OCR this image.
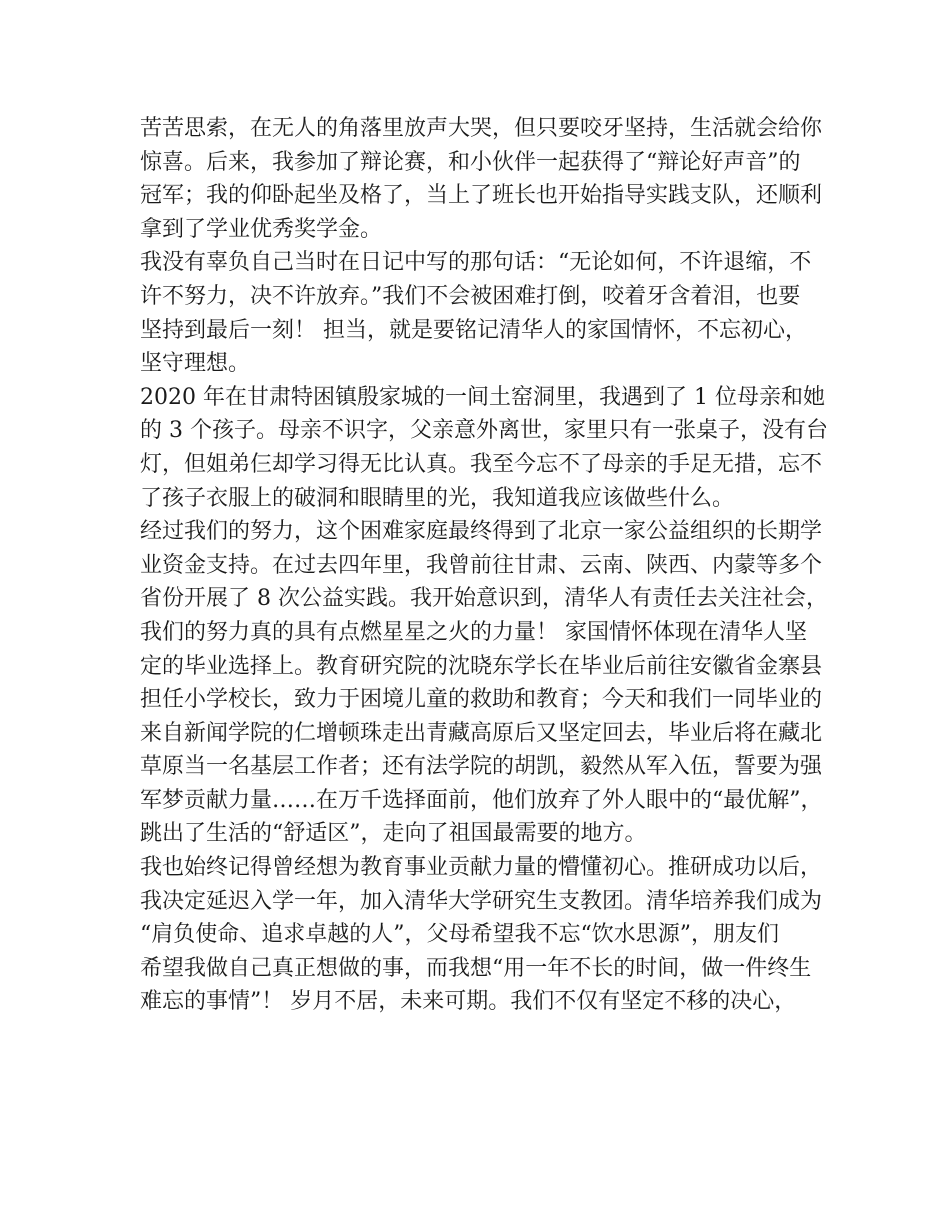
苦苦思索，在无人的角落里放声大哭，但只要咬牙坚持，生活就会给你
惊喜。后来，我参加了辩论赛，和小伙伴一起获得了“辩论好声音”的
冠军；我的仰卧起坐及格了，当上了班长也开始指导实践支队，还顺利
拿到了学业优秀奖学金。
我没有辜负自己当时在日记中写的那句话：“无论如何，不许退缩，不
许不努力，决不许放弃。”我们不会被困难打倒，咬着牙含着泪，也要
坚持到最后一刻！ 担当，就是要铭记清华人的家国情怀，不忘初心，
坚守理想。
2020 年在甘肃特困镇殷家城的一间土窑洞里，我遇到了 1 位母亲和她
的 3 个孩子。母亲不识字，父亲意外离世，家里只有一张桌子，没有台
灯，但姐弟仨却学习得无比认真。我至今忘不了母亲的手足无措，忘不
了孩子衣服上的破洞和眼睛里的光，我知道我应该做些什么。
经过我们的努力，这个困难家庭最终得到了北京一家公益组织的长期学
业资金支持。在过去四年里，我曾前往甘肃、云南、陕西、内蒙等多个
省份开展了 8 次公益实践。我开始意识到，清华人有责任去关注社会，
我们的努力真的具有点燃星星之火的力量！ 家国情怀体现在清华人坚
定的毕业选择上。教育研究院的沈晓东学长在毕业后前往安徽省金寨县
担任小学校长，致力于困境儿童的救助和教育；今天和我们一同毕业的
来自新闻学院的仁增顿珠走出青藏高原后又坚定回去，毕业后将在藏北
草原当一名基层工作者；还有法学院的胡凯，毅然从军入伍，誓要为强
军梦贡献力量……在万千选择面前，他们放弃了外人眼中的“最优解”，
跳出了生活的“舒适区”，走向了祖国最需要的地方。
我也始终记得曾经想为教育事业贡献力量的懵懂初心。推研成功以后，
我决定延迟入学一年，加入清华大学研究生支教团。清华培养我们成为
“肩负使命、追求卓越的人”，父母希望我不忘“饮水思源”，朋友们
希望我做自己真正想做的事，而我想“用一年不长的时间，做一件终生
难忘的事情”！ 岁月不居，未来可期。我们不仅有坚定不移的决心，
